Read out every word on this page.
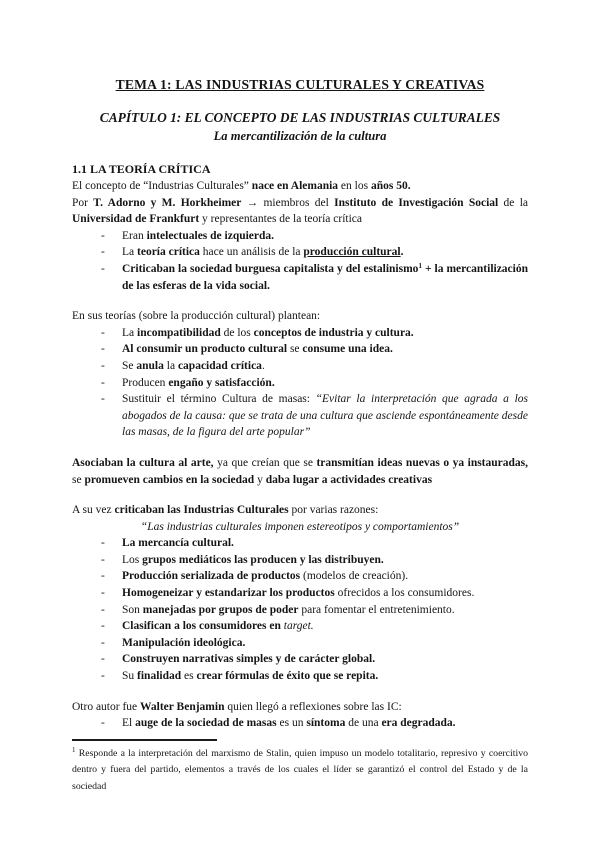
TEMA 1: LAS INDUSTRIAS CULTURALES Y CREATIVAS
CAPÍTULO 1: EL CONCEPTO DE LAS INDUSTRIAS CULTURALES
La mercantilización de la cultura
1.1 LA TEORÍA CRÍTICA
El concepto de “Industrias Culturales” nace en Alemania en los años 50.
Por T. Adorno y M. Horkheimer → miembros del Instituto de Investigación Social de la Universidad de Frankfurt y representantes de la teoría crítica
-	Eran intelectuales de izquierda.
-	La teoría crítica hace un análisis de la producción cultural.
-	Criticaban la sociedad burguesa capitalista y del estalinismo$^1$ + la mercantilización de las esferas de la vida social.
En sus teorías (sobre la producción cultural) plantean:
-	La incompatibilidad de los conceptos de industria y cultura.
-	Al consumir un producto cultural se consume una idea.
-	Se anula la capacidad crítica.
-	Producen engaño y satisfacción.
-	Sustituir el término Cultura de masas: “Evitar la interpretación que agrada a los abogados de la causa: que se trata de una cultura que asciende espontáneamente desde las masas, de la figura del arte popular”
Asociaban la cultura al arte, ya que creían que se transmitían ideas nuevas o ya instauradas, se promueven cambios en la sociedad y daba lugar a actividades creativas
A su vez criticaban las Industrias Culturales por varias razones:
“Las industrias culturales imponen estereotipos y comportamientos”
-	La mercancía cultural.
-	Los grupos mediáticos las producen y las distribuyen.
-	Producción serializada de productos (modelos de creación).
-	Homogeneizar y estandarizar los productos ofrecidos a los consumidores.
-	Son manejadas por grupos de poder para fomentar el entretenimiento.
-	Clasifican a los consumidores en target.
-	Manipulación ideológica.
-	Construyen narrativas simples y de carácter global.
-	Su finalidad es crear fórmulas de éxito que se repita.
Otro autor fue Walter Benjamin quien llegó a reflexiones sobre las IC:
-	El auge de la sociedad de masas es un síntoma de una era degradada.
$^1$ Responde a la interpretación del marxismo de Stalin, quien impuso un modelo totalitario, represivo y coercitivo dentro y fuera del partido, elementos a través de los cuales el líder se garantizó el control del Estado y de la sociedad
